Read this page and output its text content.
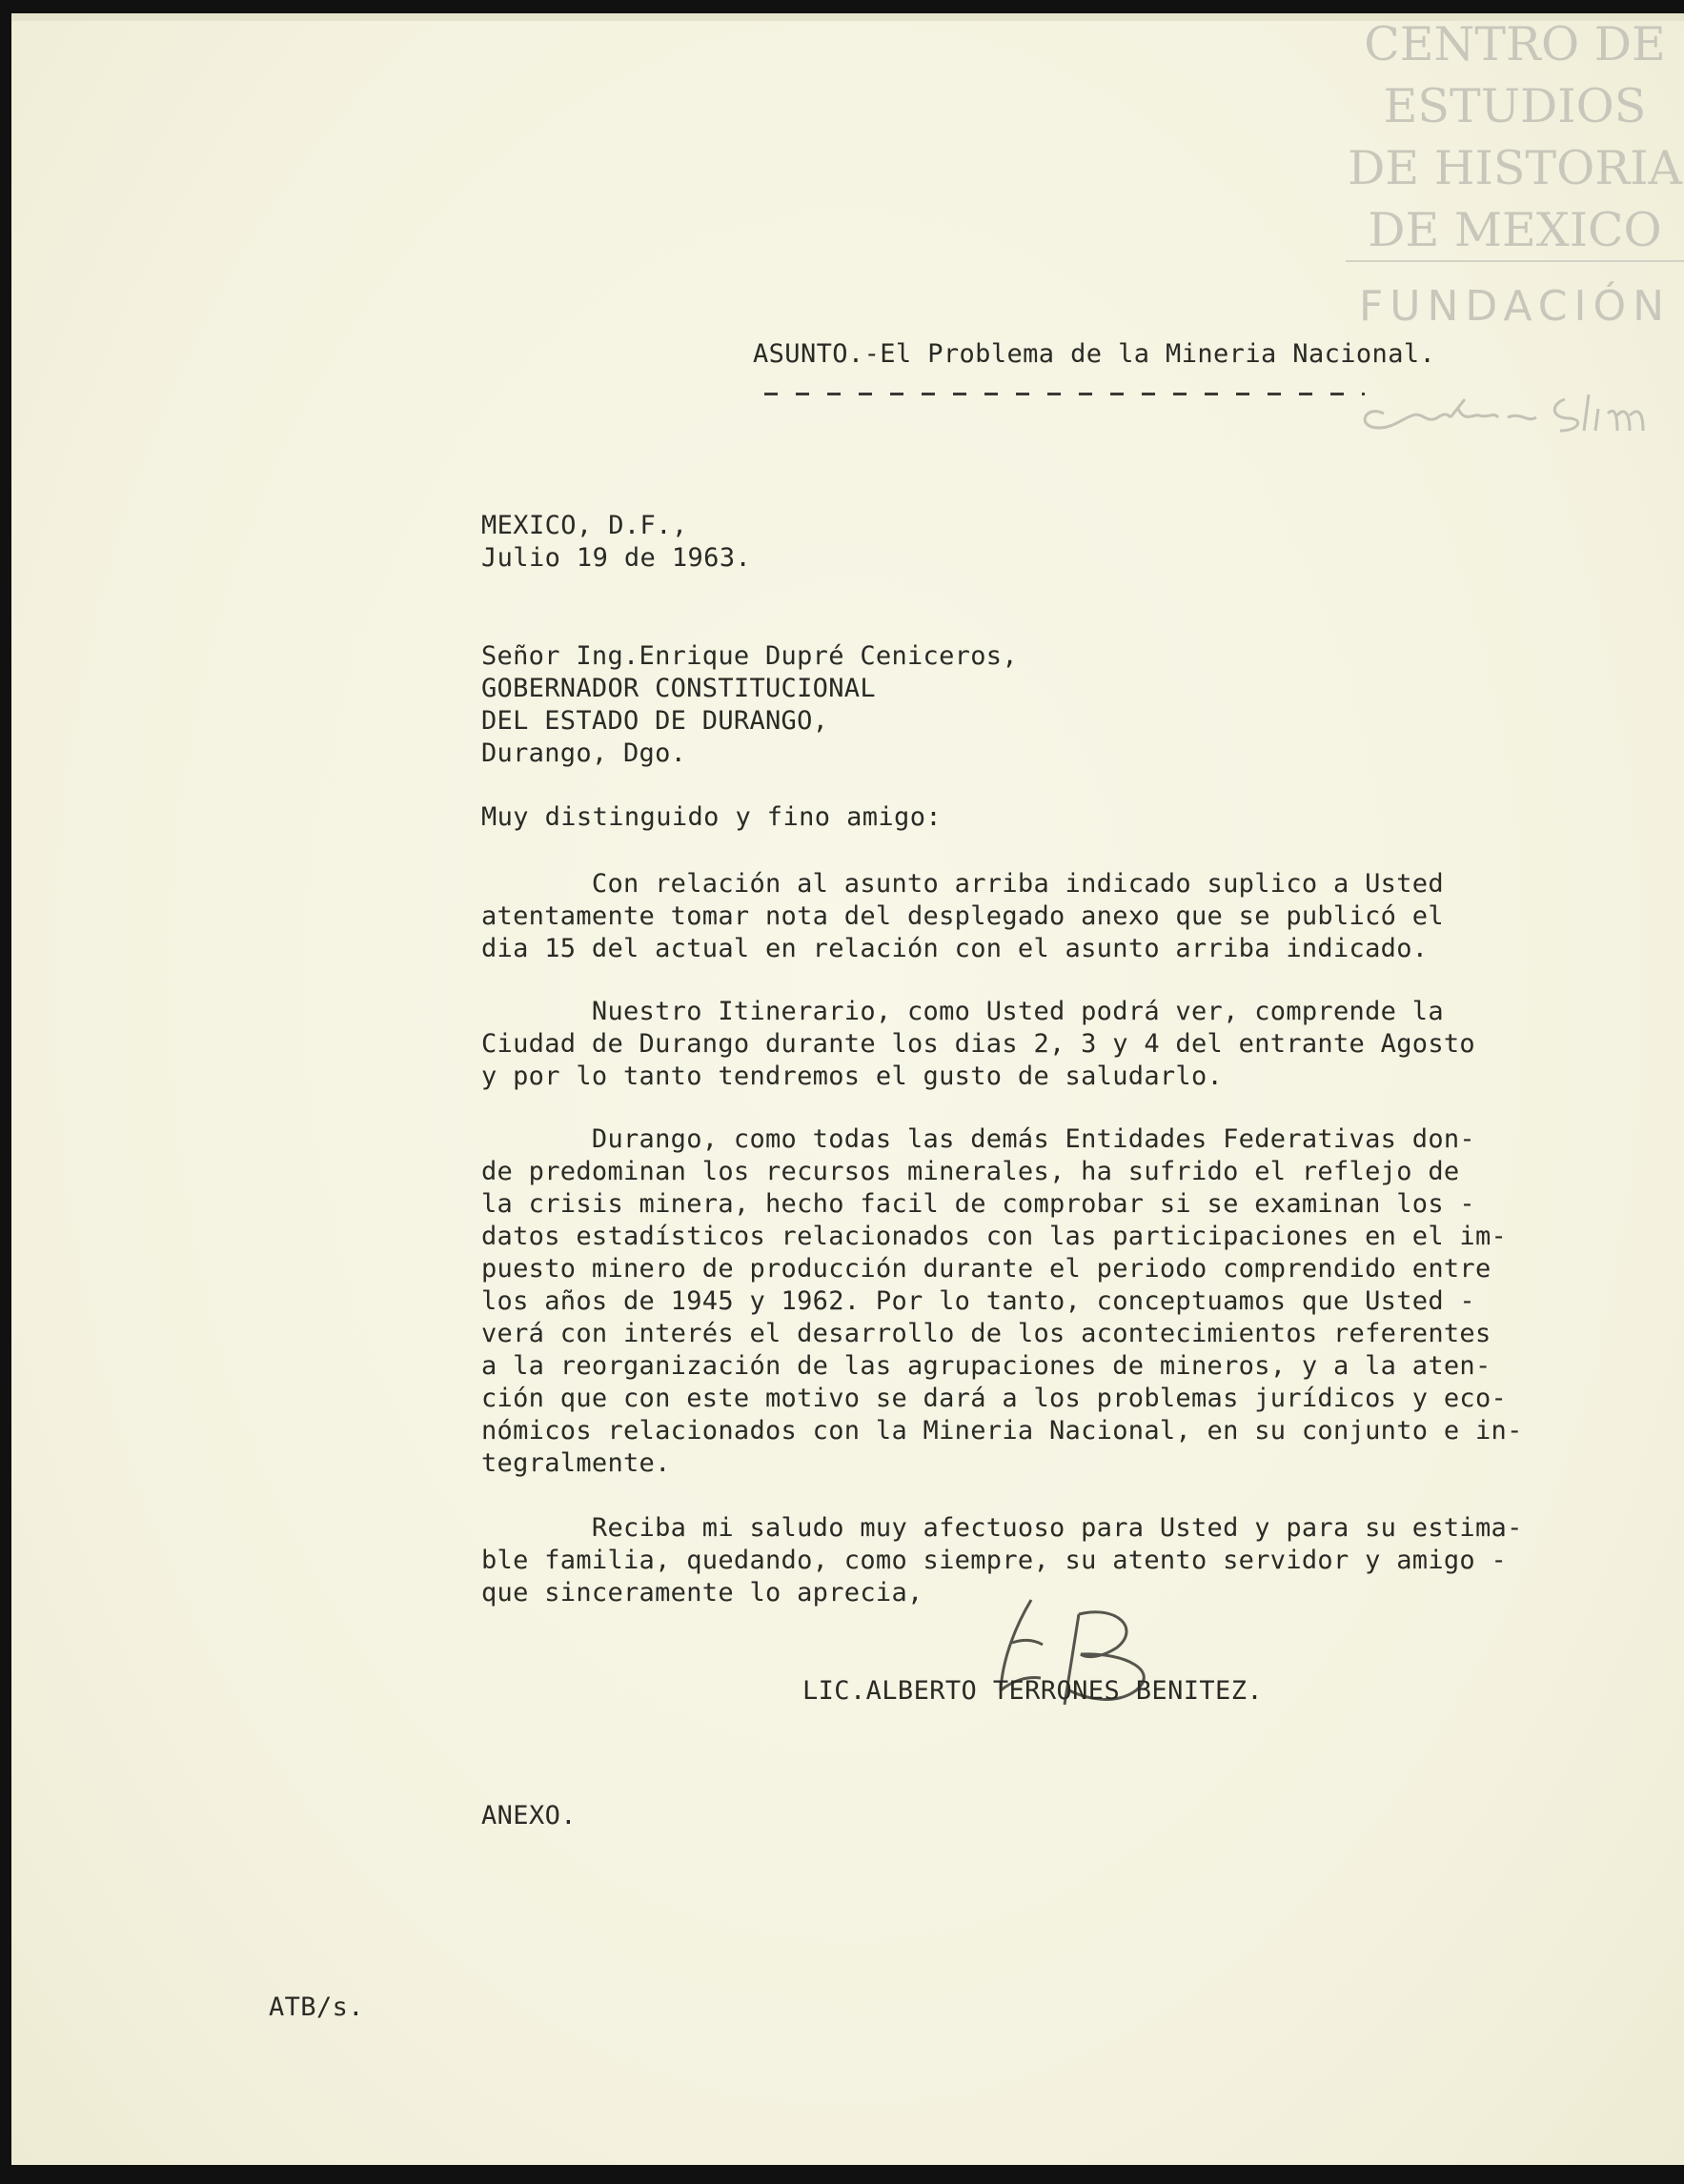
CENTRO DE
ESTUDIOS
DE HISTORIA
DE MEXICO
FUNDACIÓN
ASUNTO.-El Problema de la Mineria Nacional.
MEXICO, D.F.,
Julio 19 de 1963.
Señor Ing.Enrique Dupré Ceniceros,
GOBERNADOR CONSTITUCIONAL
DEL ESTADO DE DURANGO,
Durango, Dgo.
Muy distinguido y fino amigo:
Con relación al asunto arriba indicado suplico a Usted
atentamente tomar nota del desplegado anexo que se publicó el
dia 15 del actual en relación con el asunto arriba indicado.
Nuestro Itinerario, como Usted podrá ver, comprende la
Ciudad de Durango durante los dias 2, 3 y 4 del entrante Agosto
y por lo tanto tendremos el gusto de saludarlo.
Durango, como todas las demás Entidades Federativas don-
de predominan los recursos minerales, ha sufrido el reflejo de
la crisis minera, hecho facil de comprobar si se examinan los -
datos estadísticos relacionados con las participaciones en el im-
puesto minero de producción durante el periodo comprendido entre
los años de 1945 y 1962. Por lo tanto, conceptuamos que Usted -
verá con interés el desarrollo de los acontecimientos referentes
a la reorganización de las agrupaciones de mineros, y a la aten-
ción que con este motivo se dará a los problemas jurídicos y eco-
nómicos relacionados con la Mineria Nacional, en su conjunto e in-
tegralmente.
Reciba mi saludo muy afectuoso para Usted y para su estima-
ble familia, quedando, como siempre, su atento servidor y amigo -
que sinceramente lo aprecia,
LIC.ALBERTO TERRONES BENITEZ.
ANEXO.
ATB/s.
